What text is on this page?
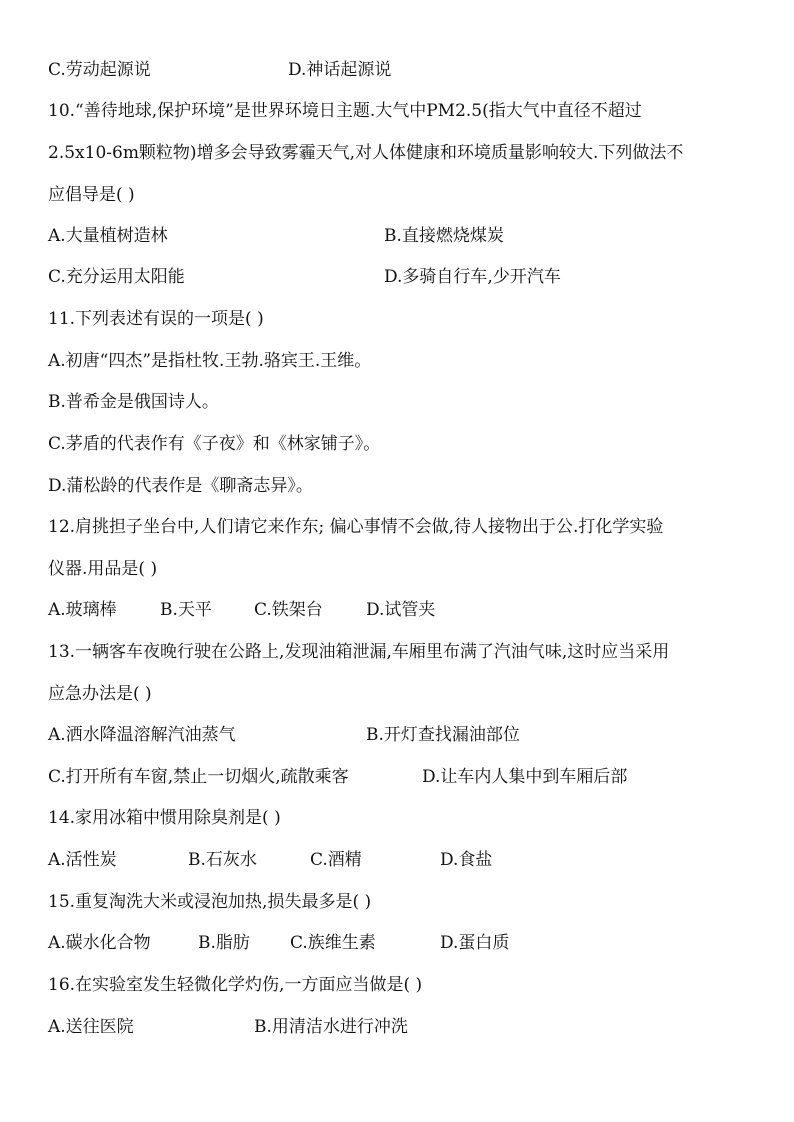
C.劳动起源说	D.神话起源说
10.“善待地球,保护环境”是世界环境日主题.大气中PM2.5(指大气中直径不超过
2.5x10-6m颗粒物)增多会导致雾霾天气,对人体健康和环境质量影响较大.下列做法不
应倡导是( )
A.大量植树造林	B.直接燃烧煤炭
C.充分运用太阳能	D.多骑自行车,少开汽车
11.下列表述有误的一项是( )
A.初唐“四杰”是指杜牧.王勃.骆宾王.王维。
B.普希金是俄国诗人。
C.茅盾的代表作有《子夜》和《林家铺子》。
D.蒲松龄的代表作是《聊斋志异》。
12.肩挑担子坐台中,人们请它来作东; 偏心事情不会做,待人接物出于公.打化学实验
仪器.用品是( )
A.玻璃棒	B.天平 C.铁架台	D.试管夹
13.一辆客车夜晚行驶在公路上,发现油箱泄漏,车厢里布满了汽油气味,这时应当采用
应急办法是( )
A.洒水降温溶解汽油蒸气	B.开灯查找漏油部位
C.打开所有车窗,禁止一切烟火,疏散乘客	D.让车内人集中到车厢后部
14.家用冰箱中惯用除臭剂是( )
A.活性炭	B.石灰水	C.酒精	D.食盐
15.重复淘洗大米或浸泡加热,损失最多是( )
A.碳水化合物	B.脂肪 C.族维生素	D.蛋白质
16.在实验室发生轻微化学灼伤,一方面应当做是( )
A.送往医院	B.用清洁水进行冲洗
